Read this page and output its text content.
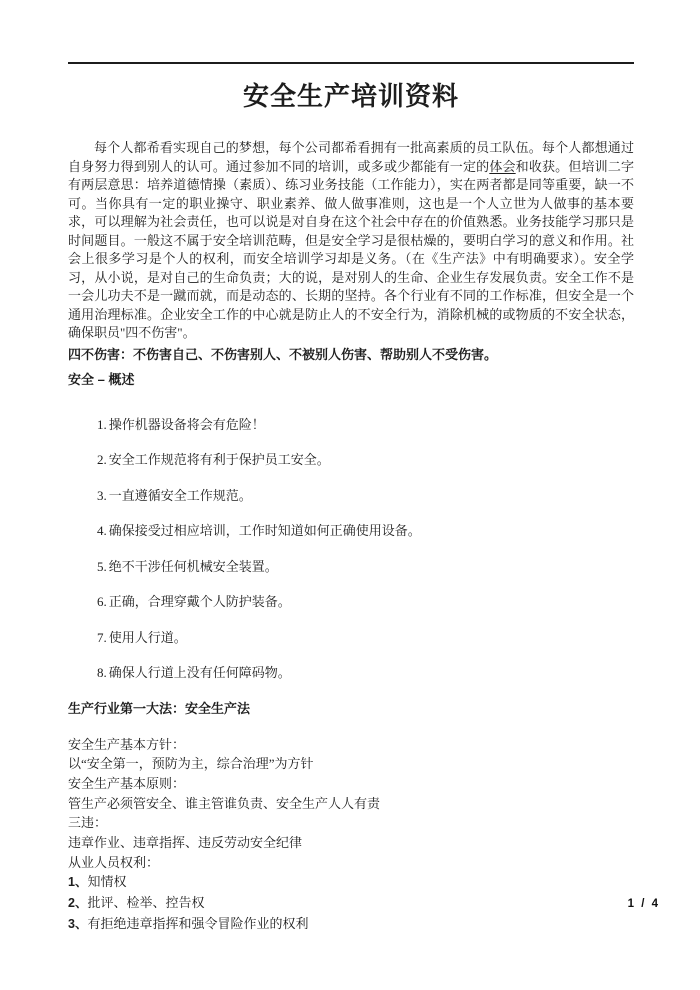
安全生产培训资料

每个人都希看实现自己的梦想，每个公司都希看拥有一批高素质的员工队伍。每个人都想通过自身努力得到别人的认可。通过参加不同的培训，或多或少都能有一定的体会和收获。但培训二字有两层意思：培养道德情操（素质）、练习业务技能（工作能力），实在两者都是同等重要，缺一不可。当你具有一定的职业操守、职业素养、做人做事准则，这也是一个人立世为人做事的基本要求，可以理解为社会责任，也可以说是对自身在这个社会中存在的价值熟悉。业务技能学习那只是时间题目。一般这不属于安全培训范畴，但是安全学习是很枯燥的，要明白学习的意义和作用。社会上很多学习是个人的权利，而安全培训学习却是义务。（在《生产法》中有明确要求）。安全学习，从小说，是对自己的生命负责；大的说，是对别人的生命、企业生存发展负责。安全工作不是一会儿功夫不是一蹴而就，而是动态的、长期的坚持。各个行业有不同的工作标准，但安全是一个通用治理标准。企业安全工作的中心就是防止人的不安全行为，消除机械的或物质的不安全状态，确保职员"四不伤害"。

四不伤害：不伤害自己、不伤害别人、不被别人伤害、帮助别人不受伤害。
安全 – 概述
1. 操作机器设备将会有危险！
2. 安全工作规范将有利于保护员工安全。
3. 一直遵循安全工作规范。
4. 确保接受过相应培训，工作时知道如何正确使用设备。
5. 绝不干涉任何机械安全装置。
6. 正确，合理穿戴个人防护装备。
7. 使用人行道。
8. 确保人行道上没有任何障码物。
生产行业第一大法：安全生产法
安全生产基本方针：
以“安全第一，预防为主，综合治理”为方针
安全生产基本原则：
管生产必须管安全、谁主管谁负责、安全生产人人有责
三违：
违章作业、违章指挥、违反劳动安全纪律
从业人员权利：
1、知情权
2、批评、检举、控告权
3、有拒绝违章指挥和强令冒险作业的权利
1 / 4
